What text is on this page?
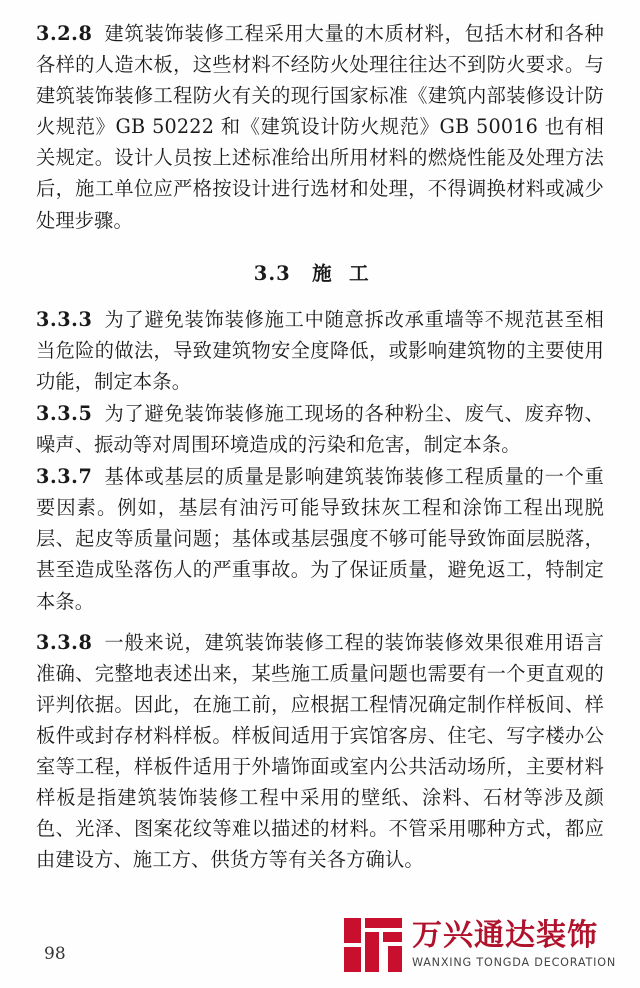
3.2.8 建筑装饰装修工程采用大量的木质材料，包括木材和各种各样的人造木板，这些材料不经防火处理往往达不到防火要求。与建筑装饰装修工程防火有关的现行国家标准《建筑内部装修设计防火规范》GB 50222 和《建筑设计防火规范》GB 50016 也有相关规定。设计人员按上述标准给出所用材料的燃烧性能及处理方法后，施工单位应严格按设计进行选材和处理，不得调换材料或减少处理步骤。

3.3 施工

3.3.3 为了避免装饰装修施工中随意拆改承重墙等不规范甚至相当危险的做法，导致建筑物安全度降低，或影响建筑物的主要使用功能，制定本条。

3.3.5 为了避免装饰装修施工现场的各种粉尘、废气、废弃物、噪声、振动等对周围环境造成的污染和危害，制定本条。

3.3.7 基体或基层的质量是影响建筑装饰装修工程质量的一个重要因素。例如，基层有油污可能导致抹灰工程和涂饰工程出现脱层、起皮等质量问题；基体或基层强度不够可能导致饰面层脱落，甚至造成坠落伤人的严重事故。为了保证质量，避免返工，特制定本条。

3.3.8 一般来说，建筑装饰装修工程的装饰装修效果很难用语言准确、完整地表述出来，某些施工质量问题也需要有一个更直观的评判依据。因此，在施工前，应根据工程情况确定制作样板间、样板件或封存材料样板。样板间适用于宾馆客房、住宅、写字楼办公室等工程，样板件适用于外墙饰面或室内公共活动场所，主要材料样板是指建筑装饰装修工程中采用的壁纸、涂料、石材等涉及颜色、光泽、图案花纹等难以描述的材料。不管采用哪种方式，都应由建设方、施工方、供货方等有关各方确认。

98
万兴通达装饰
WANXING TONGDA DECORATION
